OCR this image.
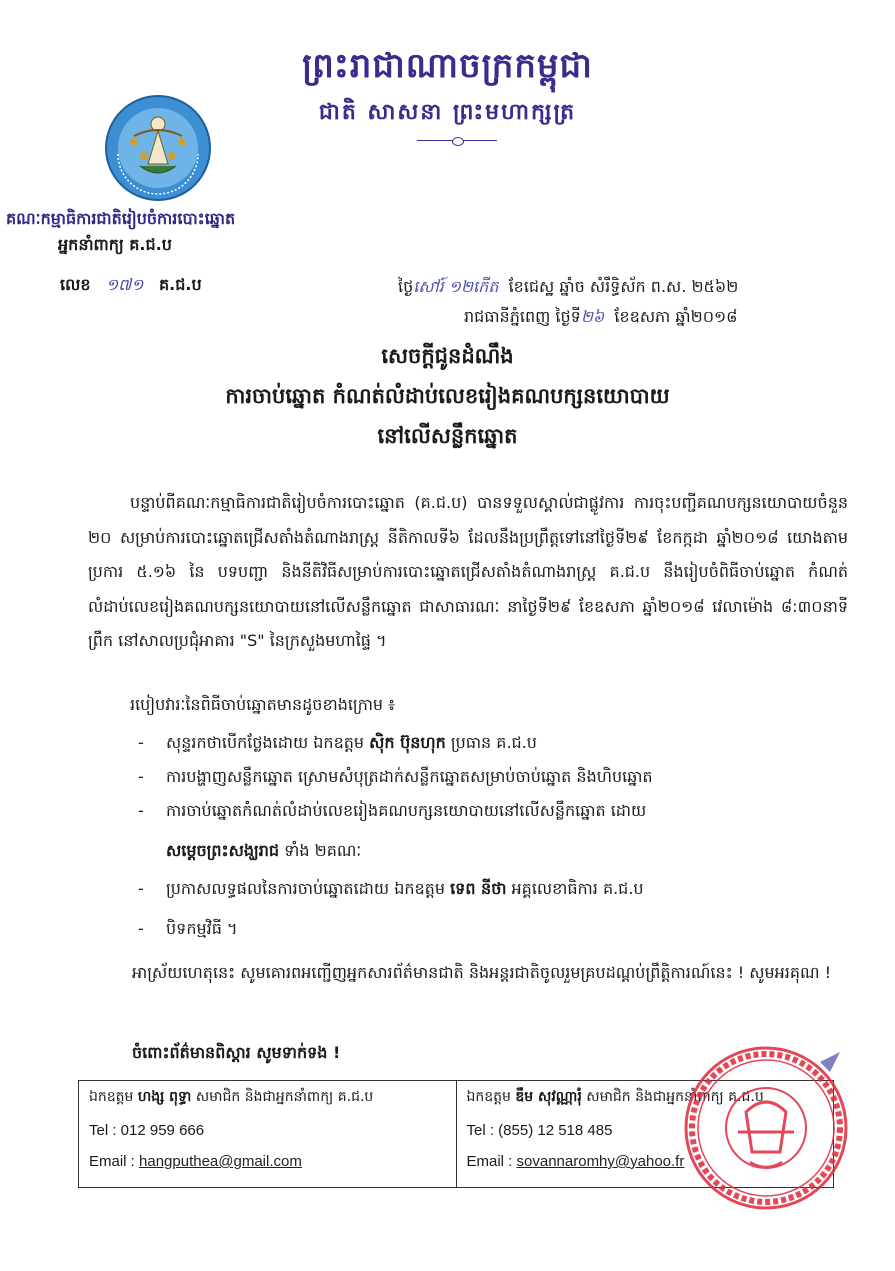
ព្រះរាជាណាចក្រកម្ពុជា
ជាតិ សាសនា ព្រះមហាក្សត្រ
គណៈកម្មាធិការជាតិរៀបចំការបោះឆ្នោត
អ្នកនាំពាក្យ គ.ជ.ប
លេខ ១៧១ គ.ជ.ប	ថ្ងៃសៅរ៍ ១២កើត ខែជេស្ឋ ឆ្នាំច សំរឹទ្ធិស័ក ព.ស. ២៥៦២
រាជធានីភ្នំពេញ ថ្ងៃទី២៦ ខែឧសភា ឆ្នាំ២០១៨
សេចក្តីជូនដំណឹង
ការចាប់ឆ្នោត កំណត់លំដាប់លេខរៀងគណបក្សនយោបាយ
នៅលើសន្លឹកឆ្នោត
បន្ទាប់ពីគណៈកម្មាធិការជាតិរៀបចំការបោះឆ្នោត (គ.ជ.ប) បានទទួលស្គាល់ជាផ្លូវការ ការចុះបញ្ជីគណបក្សនយោបាយចំនួន ២០ សម្រាប់ការបោះឆ្នោតជ្រើសតាំងតំណាងរាស្ត្រ នីតិកាលទី៦ ដែលនឹងប្រព្រឹត្តទៅនៅថ្ងៃទី២៩ ខែកក្កដា ឆ្នាំ២០១៨ យោងតាមប្រការ ៥.១៦ នៃ បទបញ្ជា និងនីតិវិធីសម្រាប់ការបោះឆ្នោតជ្រើសតាំងតំណាងរាស្ត្រ គ.ជ.ប នឹងរៀបចំពិធីចាប់ឆ្នោត កំណត់លំដាប់លេខរៀងគណបក្សនយោបាយនៅលើសន្លឹកឆ្នោត ជាសាធារណៈ នាថ្ងៃទី២៩ ខែឧសភា ឆ្នាំ២០១៨ វេលាម៉ោង ៨:៣០នាទីព្រឹក នៅសាលប្រជុំអាគារ "S" នៃក្រសួងមហាផ្ទៃ ។
របៀបវារៈនៃពិធីចាប់ឆ្នោតមានដូចខាងក្រោម ៖
- សុន្ទរកថាបើកថ្លែងដោយ ឯកឧត្តម ស៊ិក ប៊ុនហុក ប្រធាន គ.ជ.ប
- ការបង្ហាញសន្លឹកឆ្នោត ស្រោមសំបុត្រដាក់សន្លឹកឆ្នោតសម្រាប់ចាប់ឆ្នោត និងហិបឆ្នោត
- ការចាប់ឆ្នោតកំណត់លំដាប់លេខរៀងគណបក្សនយោបាយនៅលើសន្លឹកឆ្នោត ដោយ
សម្តេចព្រះសង្ឃរាជ ទាំង ២គណៈ
- ប្រកាសលទ្ធផលនៃការចាប់ឆ្នោតដោយ ឯកឧត្តម ទេព នីថា អគ្គលេខាធិការ គ.ជ.ប
- បិទកម្មវិធី ។
អាស្រ័យហេតុនេះ សូមគោរពអញ្ជើញអ្នកសារព័ត៌មានជាតិ និងអន្តរជាតិចូលរួមគ្របដណ្តប់ព្រឹត្តិការណ៍នេះ ! សូមអរគុណ !
ចំពោះព័ត៌មានពិស្តារ សូមទាក់ទង !
ឯកឧត្តម ហង្ស ពុទ្ធា សមាជិក និងជាអ្នកនាំពាក្យ គ.ជ.ប
Tel : 012 959 666
Email : hangputhea@gmail.com
ឯកឧត្តម ឌឹម សុវណ្ណារុំ សមាជិក និងជាអ្នកនាំពាក្យ គ.ជ.ប
Tel : (855) 12 518 485
Email : sovannaromhy@yahoo.fr
